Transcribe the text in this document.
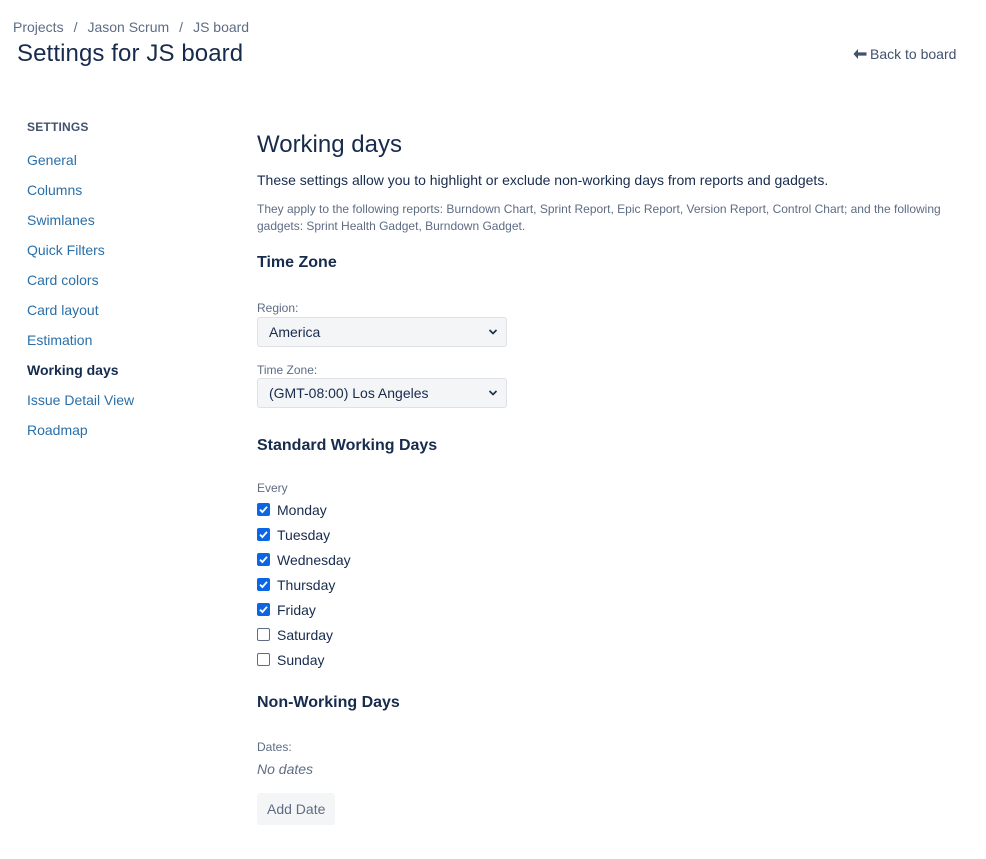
Projects / Jason Scrum / JS board
Settings for JS board	Back to board
SETTINGS
General
Columns
Swimlanes
Quick Filters
Card colors
Card layout
Estimation
Working days
Issue Detail View
Roadmap
Working days
These settings allow you to highlight or exclude non-working days from reports and gadgets.
They apply to the following reports: Burndown Chart, Sprint Report, Epic Report, Version Report, Control Chart; and the following gadgets: Sprint Health Gadget, Burndown Gadget.
Time Zone
Region:
America
Time Zone:
(GMT-08:00) Los Angeles
Standard Working Days
Every
Monday
Tuesday
Wednesday
Thursday
Friday
Saturday
Sunday
Non-Working Days
Dates:
No dates
Add Date
